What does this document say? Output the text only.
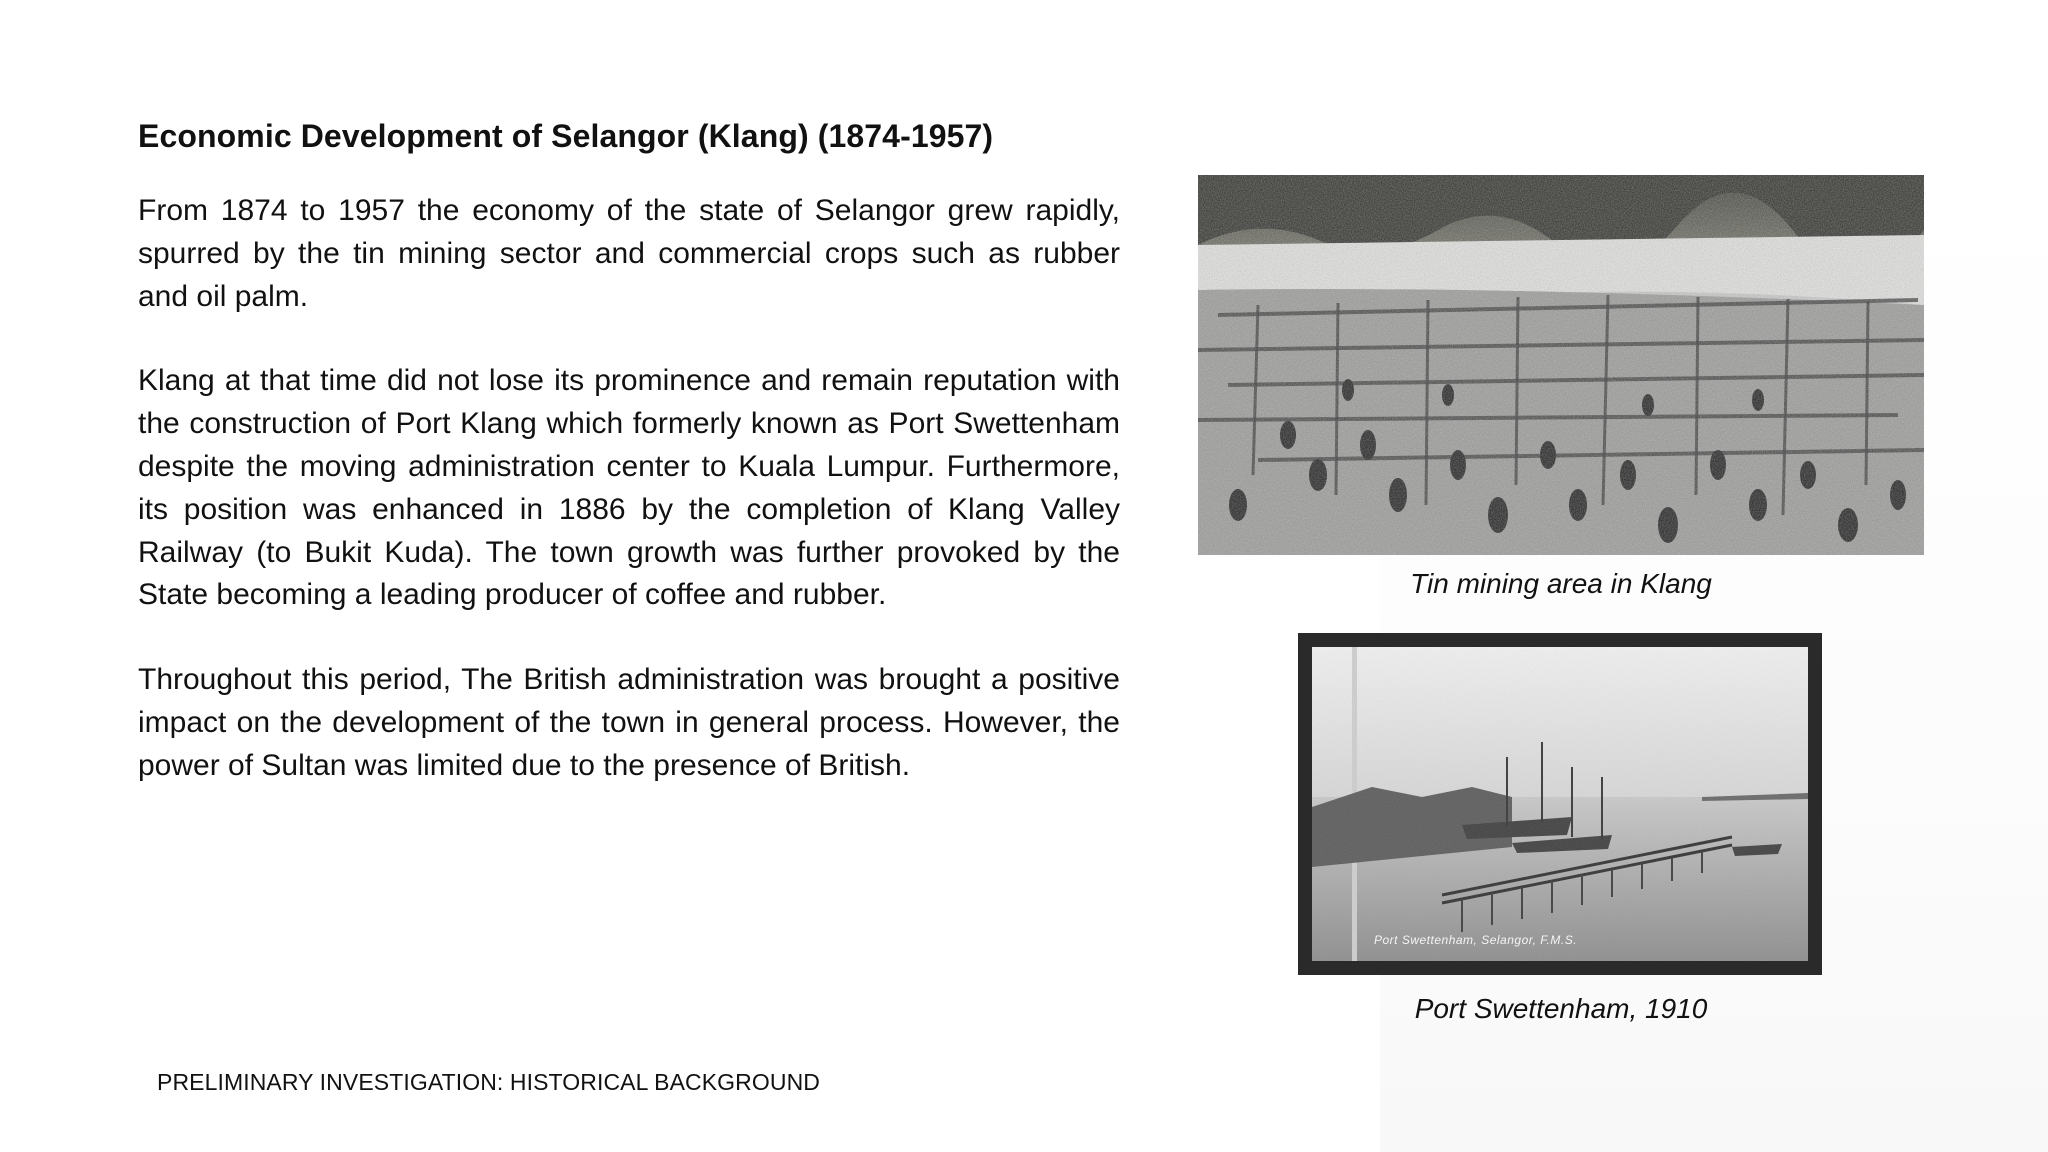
Economic Development of Selangor (Klang) (1874-1957)

From 1874 to 1957 the economy of the state of Selangor grew rapidly, spurred by the tin mining sector and commercial crops such as rubber and oil palm.

Klang at that time did not lose its prominence and remain reputation with the construction of Port Klang which formerly known as Port Swettenham despite the moving administration center to Kuala Lumpur. Furthermore, its position was enhanced in 1886 by the completion of Klang Valley Railway (to Bukit Kuda). The town growth was further provoked by the State becoming a leading producer of coffee and rubber.

Throughout this period, The British administration was brought a positive impact on the development of the town in general process. However, the power of Sultan was limited due to the presence of British.

Tin mining area in Klang
Port Swettenham, Selangor, F.M.S.
Port Swettenham, 1910
PRELIMINARY INVESTIGATION: HISTORICAL BACKGROUND
